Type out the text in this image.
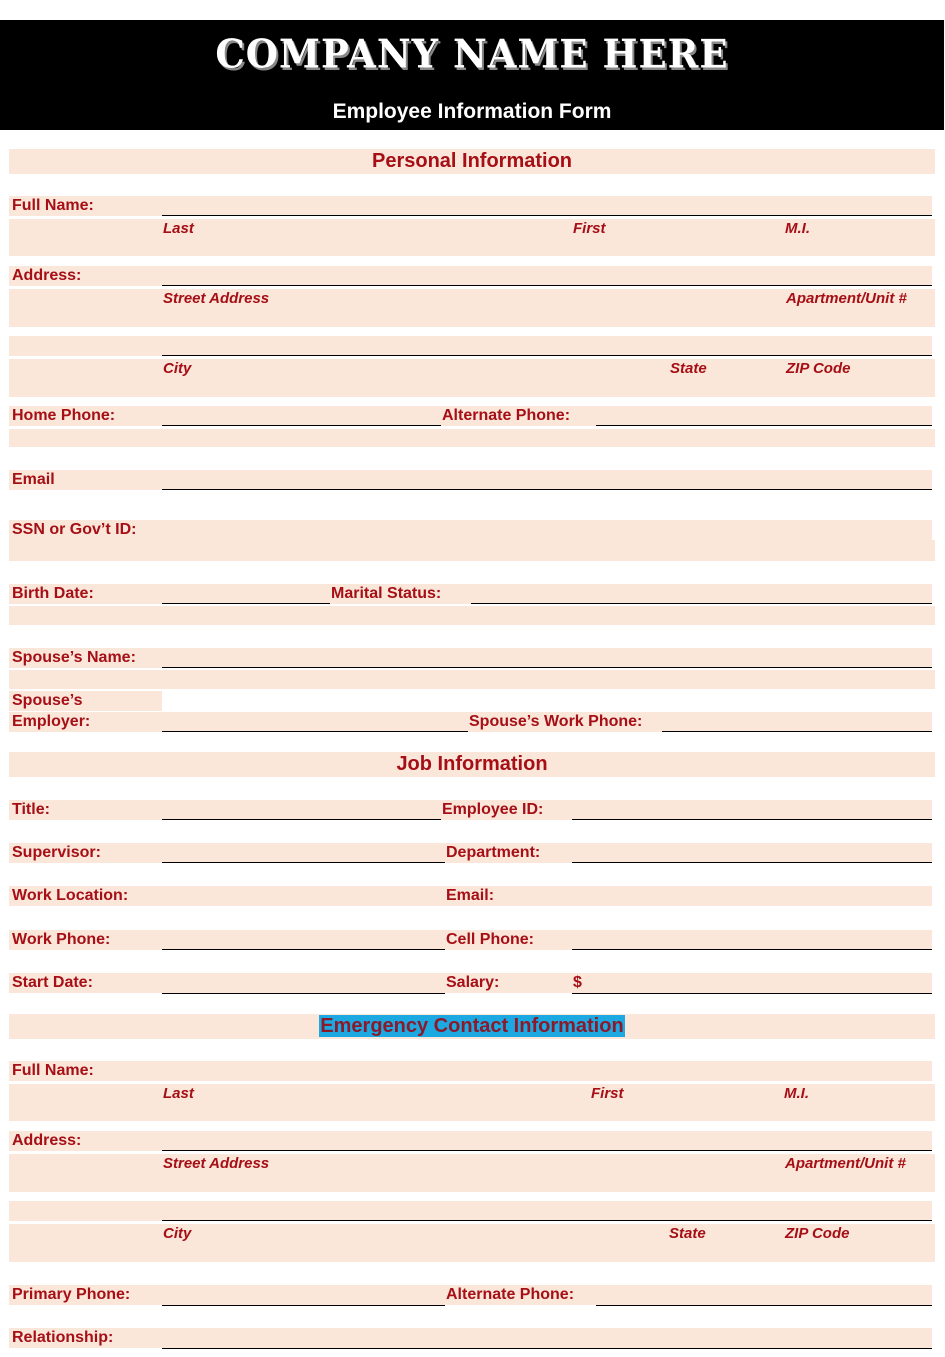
COMPANY NAME HERE
Employee Information Form
Personal Information
Full Name:
Last	First	M.I.
Address:
Street Address	Apartment/Unit #
City	State	ZIP Code
Home Phone:	Alternate Phone:
Email
SSN or Gov’t ID:
Birth Date:	Marital Status:
Spouse’s Name:
Spouse’s
Employer:	Spouse’s Work Phone:
Job Information
Title:	Employee ID:
Supervisor:	Department:
Work Location:	Email:
Work Phone:	Cell Phone:
Start Date:	Salary:	$
Emergency Contact Information
Full Name:
Last	First	M.I.
Address:
Street Address	Apartment/Unit #
City	State	ZIP Code
Primary Phone:	Alternate Phone:
Relationship:
